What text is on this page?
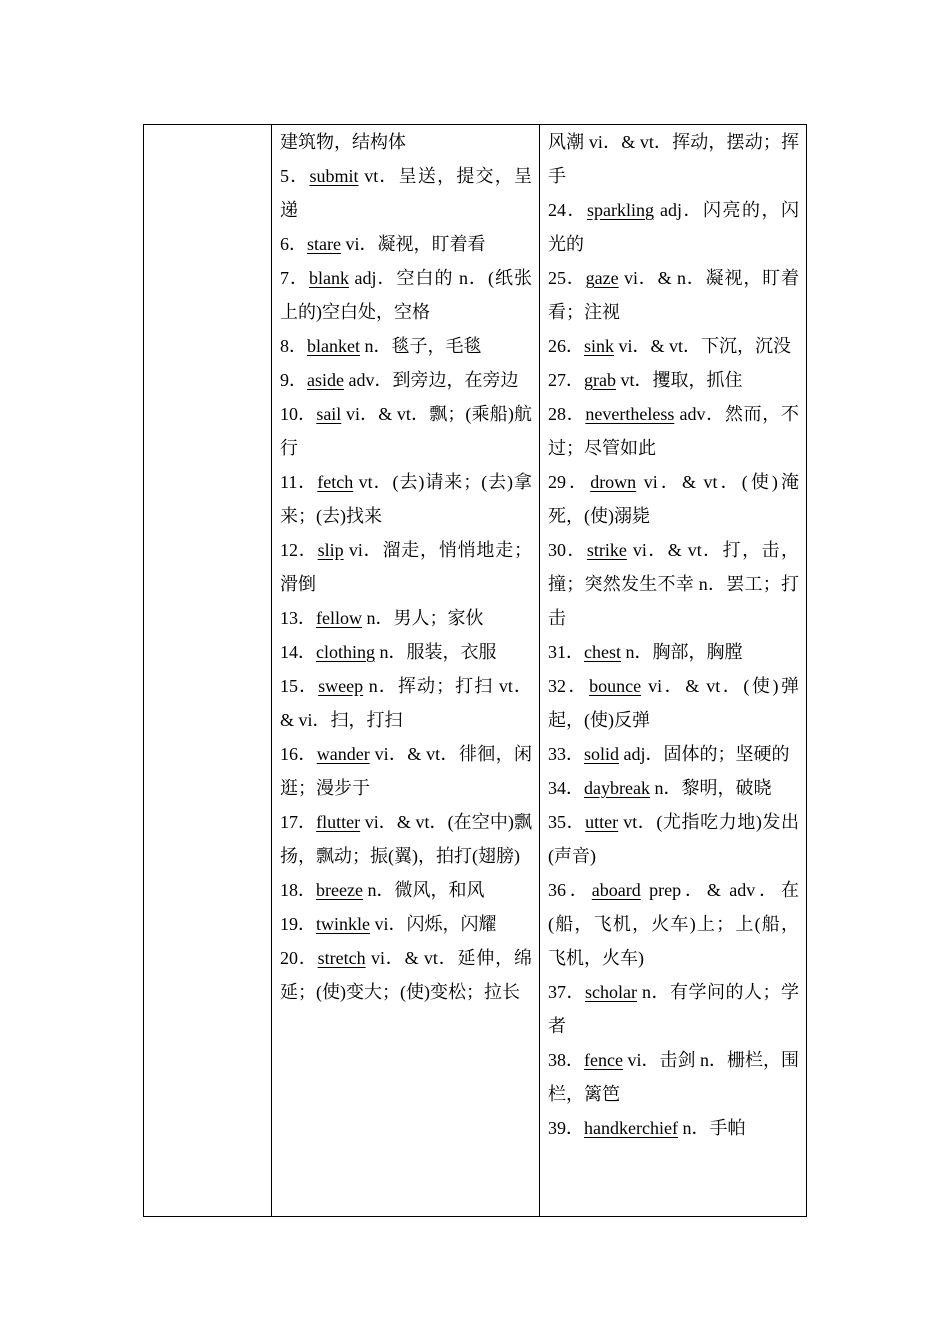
建筑物，结构体
5．submit vt．呈送，提交，呈递
6．stare vi．凝视，盯着看
7．blank adj．空白的 n．(纸张上的)空白处，空格
8．blanket n．毯子，毛毯
9．aside adv．到旁边，在旁边
10．sail vi．& vt．飘；(乘船)航行
11．fetch vt．(去)请来；(去)拿来；(去)找来
12．slip vi．溜走，悄悄地走；滑倒
13．fellow n．男人；家伙
14．clothing n．服装，衣服
15．sweep n．挥动；打扫 vt．& vi．扫，打扫
16．wander vi．& vt．徘徊，闲逛；漫步于
17．flutter vi．& vt．(在空中)飘扬，飘动；振(翼)，拍打(翅膀)
18．breeze n．微风，和风
19．twinkle vi．闪烁，闪耀
20．stretch vi．& vt．延伸，绵延；(使)变大；(使)变松；拉长
风潮 vi．& vt．挥动，摆动；挥手
24．sparkling adj．闪亮的，闪光的
25．gaze vi．& n．凝视，盯着看；注视
26．sink vi．& vt．下沉，沉没
27．grab vt．攫取，抓住
28．nevertheless adv．然而，不过；尽管如此
29．drown vi．& vt．(使)淹死，(使)溺毙
30．strike vi．& vt．打，击，撞；突然发生不幸 n．罢工；打击
31．chest n．胸部，胸膛
32．bounce vi．& vt．(使)弹起，(使)反弹
33．solid adj．固体的；坚硬的
34．daybreak n．黎明，破晓
35．utter vt．(尤指吃力地)发出(声音)
36．aboard prep．& adv．在(船，飞机，火车)上；上(船，飞机，火车)
37．scholar n．有学问的人；学者
38．fence vi．击剑 n．栅栏，围栏，篱笆
39．handkerchief n．手帕
